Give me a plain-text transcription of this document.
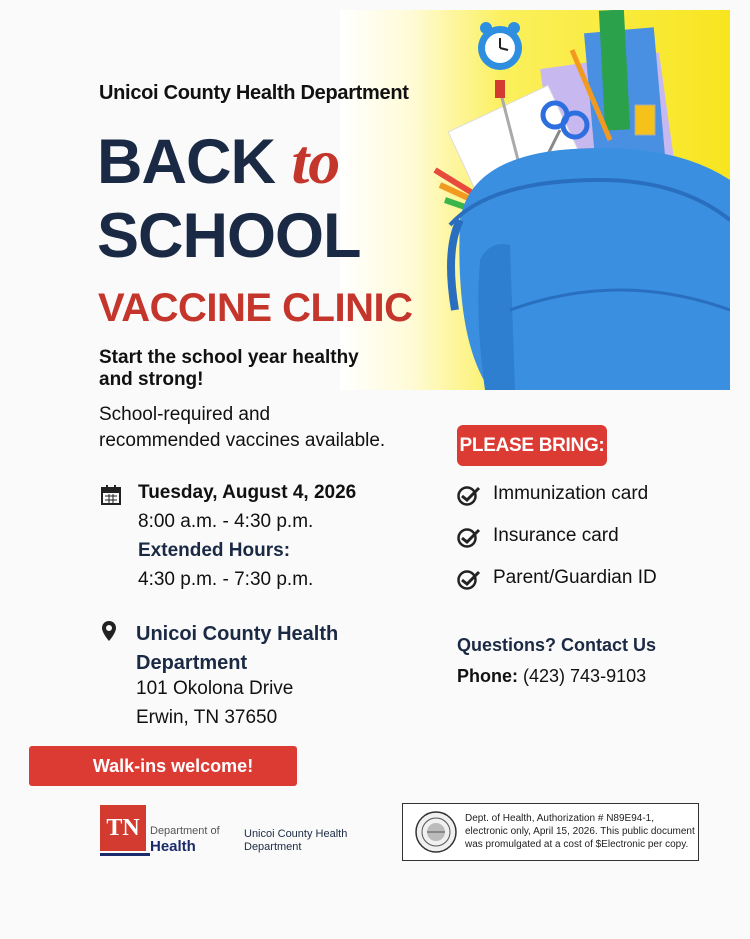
Unicoi County Health Department
BACK to
SCHOOL
VACCINE CLINIC
Start the school year healthy and strong!
School-required and recommended vaccines available.
Tuesday, August 4, 2026
8:00 a.m. - 4:30 p.m.
Extended Hours:
4:30 p.m. - 7:30 p.m.
Unicoi County Health Department
101 Okolona Drive
Erwin, TN 37650
Walk-ins welcome!
PLEASE BRING:
Immunization card
Insurance card
Parent/Guardian ID
Questions? Contact Us
Phone: (423) 743-9103
TN Department of
Health
Unicoi County Health Department
Dept. of Health, Authorization # N89E94-1, electronic only, April 15, 2026. This public document was promulgated at a cost of $Electronic per copy.
